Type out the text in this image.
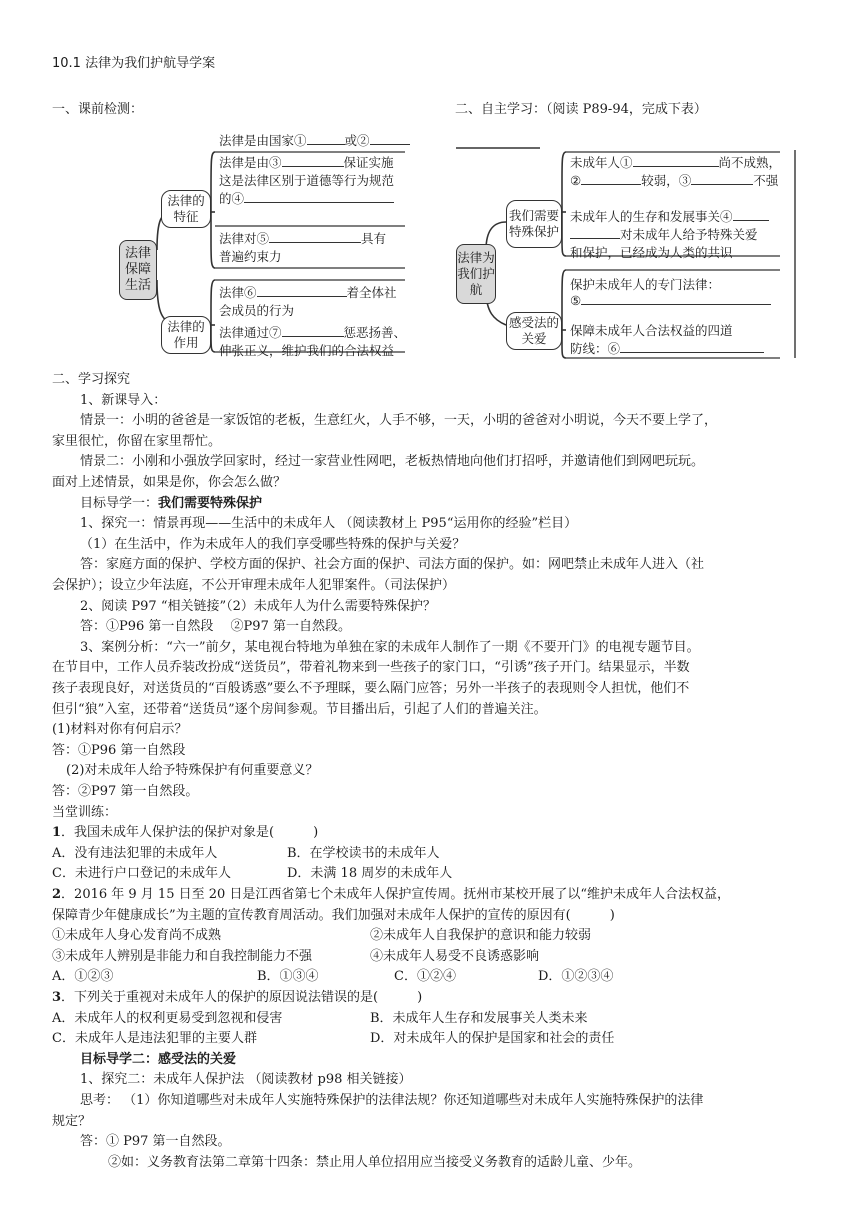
10.1 法律为我们护航导学案
一、课前检测：	二、自主学习：（阅读 P89-94，完成下表）
法律保障生活
法律的特征
法律的作用
法律是由国家①	或②
法律是由③	保证实施
这是法律区别于道德等行为规范
的④
法律对⑤	具有
普遍约束力
法律⑥	着全体社
会成员的行为
法律通过⑦	惩恶扬善、
伸张正义，维护我们的合法权益
法律为我们护航
我们需要特殊保护
感受法的关爱
未成年人①	尚不成熟，
②	较弱，③	不强
未成年人的生存和发展事关④
对未成年人给予特殊关爱
和保护，已经成为人类的共识
保护未成年人的专门法律：
⑤
保障未成年人合法权益的四道
防线：⑥
二、学习探究
1、新课导入：
情景一：小明的爸爸是一家饭馆的老板，生意红火，人手不够，一天，小明的爸爸对小明说，今天不要上学了，
家里很忙，你留在家里帮忙。
情景二：小刚和小强放学回家时，经过一家营业性网吧，老板热情地向他们打招呼，并邀请他们到网吧玩玩。
面对上述情景，如果是你，你会怎么做？
目标导学一：我们需要特殊保护
1、探究一：情景再现——生活中的未成年人 （阅读教材上 P95“运用你的经验”栏目）
（1）在生活中，作为未成年人的我们享受哪些特殊的保护与关爱？
答：家庭方面的保护、学校方面的保护、社会方面的保护、司法方面的保护。如：网吧禁止未成年人进入（社
会保护）；设立少年法庭，不公开审理未成年人犯罪案件。（司法保护）
2、阅读 P97 “相关链接”（2）未成年人为什么需要特殊保护？
答：①P96 第一自然段 　②P97 第一自然段。
3、案例分析：“六一”前夕，某电视台特地为单独在家的未成年人制作了一期《不要开门》的电视专题节目。
在节目中，工作人员乔装改扮成“送货员”，带着礼物来到一些孩子的家门口，“引诱”孩子开门。结果显示，半数
孩子表现良好，对送货员的“百般诱惑”要么不予理睬，要么隔门应答；另外一半孩子的表现则令人担忧，他们不
但引“狼”入室，还带着“送货员”逐个房间参观。节目播出后，引起了人们的普遍关注。
(1)材料对你有何启示？
答：①P96 第一自然段
(2)对未成年人给予特殊保护有何重要意义？
答：②P97 第一自然段。
当堂训练：
1．我国未成年人保护法的保护对象是(　　　)
A．没有违法犯罪的未成年人	B．在学校读书的未成年人
C．未进行户口登记的未成年人	D．未满 18 周岁的未成年人
2．2016 年 9 月 15 日至 20 日是江西省第七个未成年人保护宣传周。抚州市某校开展了以“维护未成年人合法权益，
保障青少年健康成长”为主题的宣传教育周活动。我们加强对未成年人保护的宣传的原因有(　　　)
①未成年人身心发育尚不成熟	②未成年人自我保护的意识和能力较弱
③未成年人辨别是非能力和自我控制能力不强	④未成年人易受不良诱惑影响
A．①②③	B．①③④	C．①②④	D．①②③④
3．下列关于重视对未成年人的保护的原因说法错误的是(　　　)
A．未成年人的权利更易受到忽视和侵害	B．未成年人生存和发展事关人类未来
C．未成年人是违法犯罪的主要人群	D．对未成年人的保护是国家和社会的责任
目标导学二：感受法的关爱
1、探究二：未成年人保护法 （阅读教材 p98 相关链接）
思考： （1）你知道哪些对未成年人实施特殊保护的法律法规？你还知道哪些对未成年人实施特殊保护的法律
规定？
答：① P97 第一自然段。
②如：义务教育法第二章第十四条：禁止用人单位招用应当接受义务教育的适龄儿童、少年。
